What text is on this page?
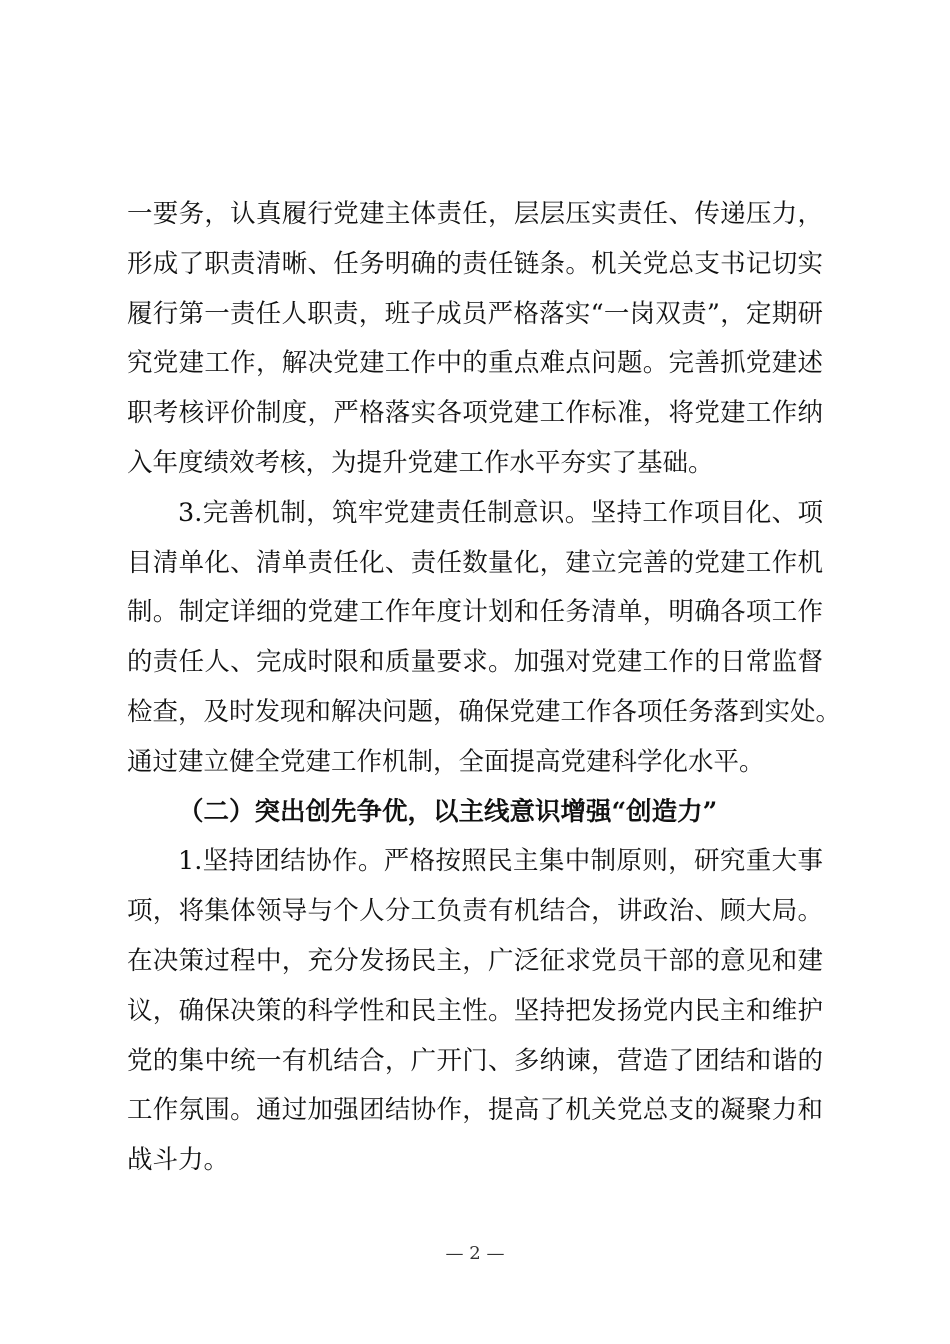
一要务，认真履行党建主体责任，层层压实责任、传递压力，
形成了职责清晰、任务明确的责任链条。机关党总支书记切实
履行第一责任人职责，班子成员严格落实“一岗双责”，定期研
究党建工作，解决党建工作中的重点难点问题。完善抓党建述
职考核评价制度，严格落实各项党建工作标准，将党建工作纳
入年度绩效考核，为提升党建工作水平夯实了基础。
3.完善机制，筑牢党建责任制意识。坚持工作项目化、项
目清单化、清单责任化、责任数量化，建立完善的党建工作机
制。制定详细的党建工作年度计划和任务清单，明确各项工作
的责任人、完成时限和质量要求。加强对党建工作的日常监督
检查，及时发现和解决问题，确保党建工作各项任务落到实处。
通过建立健全党建工作机制，全面提高党建科学化水平。
（二）突出创先争优，以主线意识增强“创造力”
1.坚持团结协作。严格按照民主集中制原则，研究重大事
项，将集体领导与个人分工负责有机结合，讲政治、顾大局。
在决策过程中，充分发扬民主，广泛征求党员干部的意见和建
议，确保决策的科学性和民主性。坚持把发扬党内民主和维护
党的集中统一有机结合，广开门、多纳谏，营造了团结和谐的
工作氛围。通过加强团结协作，提高了机关党总支的凝聚力和
战斗力。
— 2 —
